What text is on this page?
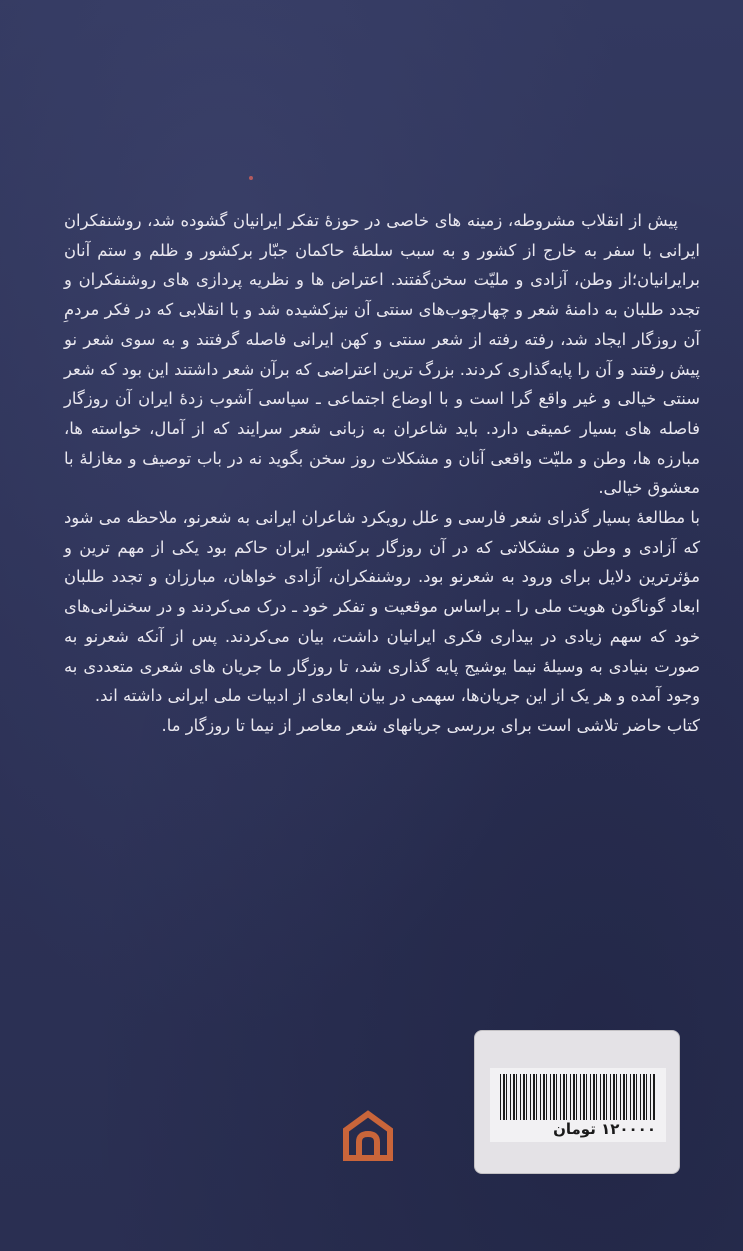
پیش از انقلاب مشروطه، زمینه های خاصی در حوزهٔ تفکر ایرانیان گشوده شد، روشنفکران ایرانی با سفر به خارج از کشور و به سبب سلطهٔ حاکمان جبّار برکشور و ظلم و ستم آنان برایرانیان؛از وطن، آزادی و ملیّت سخن‌گفتند. اعتراض ها و نظریه پردازی های روشنفکران و تجدد طلبان به دامنهٔ شعر و چهارچوب‌های سنتی آن نیزکشیده شد و با انقلابی که در فکر مردمِ آن روزگار ایجاد شد، رفته رفته از شعر سنتی و کهن ایرانی فاصله گرفتند و به سوی شعر نو پیش رفتند و آن را پایه‌گذاری کردند. بزرگ ترین اعتراضی که برآن شعر داشتند این بود که شعر سنتی خیالی و غیر واقع گرا است و با اوضاع اجتماعی ـ سیاسی آشوب زدهٔ ایران آن روزگار فاصله های بسیار عمیقی دارد. باید شاعران به زبانی شعر سرایند که از آمال، خواسته ها، مبارزه ها، وطن و ملیّت واقعی آنان و مشکلات روز سخن بگوید نه در باب توصیف و مغازلهٔ با معشوق خیالی.

با مطالعهٔ بسیار گذرای شعر فارسی و علل رویکرد شاعران ایرانی به شعرنو، ملاحظه می شود که آزادی و وطن و مشکلاتی که در آن روزگار برکشور ایران حاکم بود یکی از مهم ترین و مؤثرترین دلایل برای ورود به شعرنو بود. روشنفکران، آزادی خواهان، مبارزان و تجدد طلبان ابعاد گوناگون هویت ملی را ـ براساس موقعیت و تفکر خود ـ درک می‌کردند و در سخنرانی‌های خود که سهم زیادی در بیداری فکری ایرانیان داشت، بیان می‌کردند. پس از آنکه شعرنو به صورت بنیادی به وسیلهٔ نیما یوشیج پایه گذاری شد، تا روزگار ما جریان های شعری متعددی به وجود آمده و هر یک از این جریان‌ها، سهمی در بیان ابعادی از ادبیات ملی ایرانی داشته اند.

کتاب حاضر تلاشی است برای بررسی جریانهای شعر معاصر از نیما تا روزگار ما.

۱۲۰۰۰۰ تومان
